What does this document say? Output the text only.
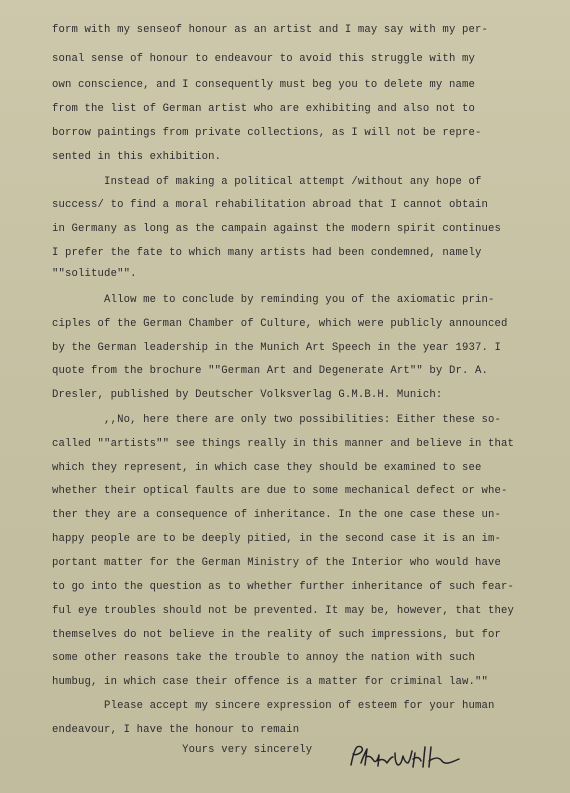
form with my senseof honour as an artist and I may say with my per-
sonal sense of honour to endeavour to avoid this struggle with my
own conscience, and I consequently must beg you to delete my name
from the list of German artist who are exhibiting and also not to
borrow paintings from private collections, as I will not be repre-
sented in this exhibition.
Instead of making a political attempt /without any hope of
success/ to find a moral rehabilitation abroad that I cannot obtain
in Germany as long as the campain against the modern spirit continues
I prefer the fate to which many artists had been condemned, namely
""solitude"".
Allow me to conclude by reminding you of the axiomatic prin-
ciples of the German Chamber of Culture, which were publicly announced
by the German leadership in the Munich Art Speech in the year 1937. I
quote from the brochure ""German Art and Degenerate Art"" by Dr. A.
Dresler, published by Deutscher Volksverlag G.M.B.H. Munich:
,,No, here there are only two possibilities: Either these so-
called ""artists"" see things really in this manner and believe in that
which they represent, in which case they should be examined to see
whether their optical faults are due to some mechanical defect or whe-
ther they are a consequence of inheritance. In the one case these un-
happy people are to be deeply pitied, in the second case it is an im-
portant matter for the German Ministry of the Interior who would have
to go into the question as to whether further inheritance of such fear-
ful eye troubles should not be prevented. It may be, however, that they
themselves do not believe in the reality of such impressions, but for
some other reasons take the trouble to annoy the nation with such
humbug, in which case their offence is a matter for criminal law.""
Please accept my sincere expression of esteem for your human
endeavour, I have the honour to remain
Yours very sincerely
